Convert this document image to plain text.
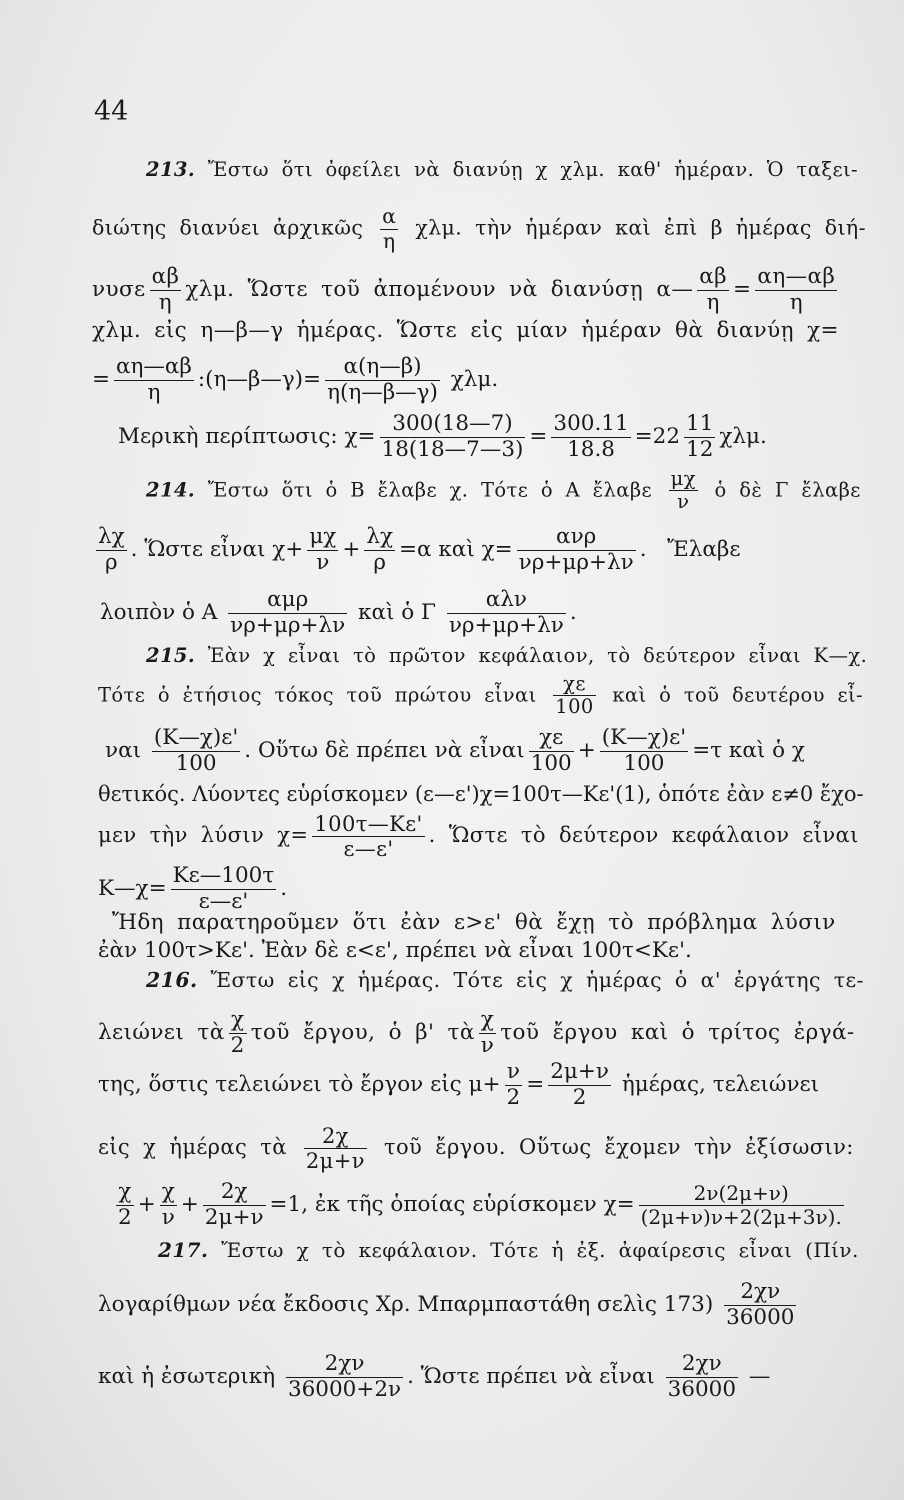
44
213. Ἔστω ὅτι ὀφείλει νὰ διανύῃ χ χλμ. καθ' ἡμέραν. Ὁ ταξει-
διώτης διανύει ἀρχικῶς $\frac{\alpha}{\eta} \chi\lambda\mu$. τὴν ἡμέραν καὶ ἐπὶ β ἡμέρας διή-
νυσε $\frac{\alpha\beta}{\eta} \chi\lambda\mu$. Ὥστε τοῦ ἀπομένουν νὰ διανύσῃ α— $\frac{\alpha\beta}{\eta} = \frac{\alpha\eta—\alpha\beta}{\eta}$
χλμ. εἰς η—β—γ ἡμέρας. Ὥστε εἰς μίαν ἡμέραν θὰ διανύῃ χ=
= $\frac{\alpha\eta—\alpha\beta}{\eta}$ :(η—β—γ)= $\frac{\alpha(\eta—\beta)}{\eta(\eta—\beta—\gamma)} \chi\lambda\mu$.
Μερικὴ περίπτωσις: $\chi= \frac{300(18—7)}{18(18—7—3)} = \frac{300.11}{18.8} =22 \frac{11}{12} \chi\lambda\mu$.
214. Ἔστω ὅτι ὁ Β ἔλαβε χ. Τότε ὁ Α ἔλαβε $\frac{\mu\chi}{\nu}$ ὁ δὲ Γ ἔλαβε
$\frac{\lambda\chi}{\rho}$ . Ὥστε εἶναι $\chi+ \frac{\mu\chi}{\nu} + \frac{\lambda\chi}{\rho} =\alpha$ καὶ χ=
ανρ
νρ+μρ+λν . Ἔλαβε
λοιπὸν ὁ Α
αμρ
νρ+μρ+λν καὶ ὁ Γ
αλν
νρ+μρ+λν .
215. Ἐὰν χ εἶναι τὸ πρῶτον κεφάλαιον, τὸ δεύτερον εἶναι Κ—χ.
Τότε ὁ ἐτήσιος τόκος τοῦ πρώτου εἶναι $\frac{\chi\varepsilon}{100}$ καὶ ὁ τοῦ δευτέρου εἶ-
ναι $\frac{(K—\chi)\varepsilon'}{100}$ . Οὕτω δὲ πρέπει νὰ εἶναι $\frac{\chi\varepsilon}{100} + \frac{(K—\chi)\varepsilon'}{100} =\tau$ καὶ ὁ χ
θετικός. Λύοντες εὑρίσκομεν (ε—ε')χ=100τ—Κε'(1), ὁπότε ἐὰν ε≠0 ἔχο-
μεν τὴν λύσιν $\chi= \frac{100\tau—K\varepsilon'}{\varepsilon—\varepsilon'}$ . Ὥστε τὸ δεύτερον κεφάλαιον εἶναι
Κ—χ= $\frac{K\varepsilon—100\tau}{\varepsilon—\varepsilon'}$ .
Ἤδη παρατηροῦμεν ὅτι ἐὰν ε>ε' θὰ ἔχῃ τὸ πρόβλημα λύσιν
ἐὰν 100τ>Κε'. Ἐὰν δὲ ε<ε', πρέπει νὰ εἶναι 100τ<Κε'.
216. Ἔστω εἰς χ ἡμέρας. Τότε εἰς χ ἡμέρας ὁ α' ἐργάτης τε-
λειώνει τὰ $\frac{\chi}{2}$ τοῦ ἔργου, ὁ β' τὰ $\frac{\chi}{\nu}$ τοῦ ἔργου καὶ ὁ τρίτος ἐργά-
της, ὅστις τελειώνει τὸ ἔργον εἰς $\mu+ \frac{\nu}{2} = \frac{2\mu+\nu}{2}$ ἡμέρας, τελειώνει
εἰς χ ἡμέρας τὰ $\frac{2\chi}{2\mu+\nu}$ τοῦ ἔργου. Οὕτως ἔχομεν τὴν ἐξίσωσιν:
$\frac{\chi}{2} + \frac{\chi}{\nu} + \frac{2\chi}{2\mu+\nu} =1$, ἐκ τῆς ὁποίας εὑρίσκομεν $\chi= \frac{2\nu(2\mu+\nu)}{(2\mu+\nu)\nu+2(2\mu+3\nu).}$
217. Ἔστω χ τὸ κεφάλαιον. Τότε ἡ ἐξ. ἀφαίρεσις εἶναι (Πίν.
λογαρίθμων νέα ἔκδοσις Χρ. Μπαρμπαστάθη σελὶς $173) \frac{2\chi\nu}{36000}$
καὶ ἡ ἐσωτερικὴ $\frac{2\chi\nu}{36000+2\nu}$ . Ὥστε πρέπει νὰ εἶναι $\frac{2\chi\nu}{36000}$ —
